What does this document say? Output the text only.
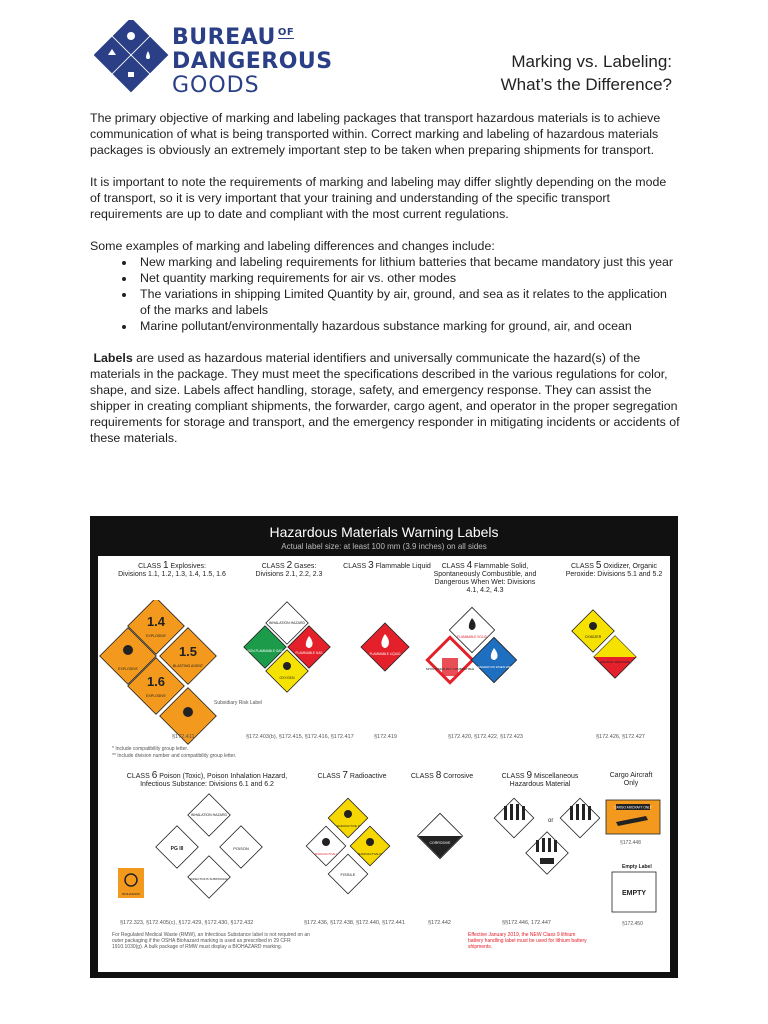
BUREAU OF
DANGEROUS
GOODS
Marking vs. Labeling:
What’s the Difference?

The primary objective of marking and labeling packages that transport hazardous materials is to achieve communication of what is being transported within. Correct marking and labeling of hazardous materials packages is obviously an extremely important step to be taken when preparing shipments for transport.

It is important to note the requirements of marking and labeling may differ slightly depending on the mode of transport, so it is very important that your training and understanding of the specific transport requirements are up to date and compliant with the most current regulations.

Some examples of marking and labeling differences and changes include:
• New marking and labeling requirements for lithium batteries that became mandatory just this year
• Net quantity marking requirements for air vs. other modes
• The variations in shipping Limited Quantity by air, ground, and sea as it relates to the application of the marks and labels
• Marine pollutant/environmentally hazardous substance marking for ground, air, and ocean

Labels are used as hazardous material identifiers and universally communicate the hazard(s) of the materials in the package. They must meet the specifications described in the various regulations for color, shape, and size. Labels affect handling, storage, safety, and emergency response. They can assist the shipper in creating compliant shipments, the forwarder, cargo agent, and operator in the proper segregation requirements for storage and transport, and the emergency responder in mitigating incidents or accidents of these materials.

Hazardous Materials Warning Labels
Actual label size: at least 100 mm (3.9 inches) on all sides
CLASS 1 Explosives:
Divisions 1.1, 1.2, 1.3, 1.4, 1.5, 1.6
CLASS 2 Gases:
Divisions 2.1, 2.2, 2.3
CLASS 3 Flammable Liquid	CLASS 4 Flammable Solid,
Spontaneously Combustible, and Dangerous When Wet: Divisions 4.1, 4.2, 4.3
CLASS 5 Oxidizer, Organic
Peroxide: Divisions 5.1 and 5.2
1.4
EXPLOSIVE
EXPLOSIVE
1.5
BLASTING AGENT
1.6
EXPLOSIVE
Subsidiary Risk Label
INHALATION HAZARD
NON-FLAMMABLE GAS	FLAMMABLE GAS
OXYGEN
FLAMMABLE LIQUID
FLAMMABLE SOLID
SPONTANEOUSLY COMBUSTIBLE DANGEROUS WHEN WET
OXIDIZER
ORGANIC PEROXIDE
§172.411	§172.403(b), §172.415, §172.416, §172.417	§172.419	§172.420, §172.422, §172.423	§172.426, §172.427
* Include compatibility group letter.
** Include division number and compatibility group letter.
CLASS 6 Poison (Toxic), Poison Inhalation Hazard,
Infectious Substance: Divisions 6.1 and 6.2
CLASS 7 Radioactive	CLASS 8 Corrosive	CLASS 9 Miscellaneous
Hazardous Material
Cargo Aircraft
Only
INHALATION HAZARD
PG III	POISON
INFECTIOUS SUBSTANCE
BIOHAZARD
RADIOACTIVE II
RADIOACTIVE I	RADIOACTIVE III
FISSILE
CORROSIVE
or
CARGO AIRCRAFT ONLY
§172.448
Empty Label
EMPTY
§172.450
§172.323, §172.405(c), §172.429, §172.430, §172.432	§172.436, §172.438, §172.440, §172.441	§172.442	§§172.446, 172.447
For Regulated Medical Waste (RMW), an Infectious Substance label is not required on an outer packaging if the OSHA Biohazard marking is used as prescribed in 29 CFR 1910.1030(g). A bulk package of RMW must display a BIOHAZARD marking.
Effective January 2019, the NEW Class 9 lithium battery handling label must be used for lithium battery shipments.
